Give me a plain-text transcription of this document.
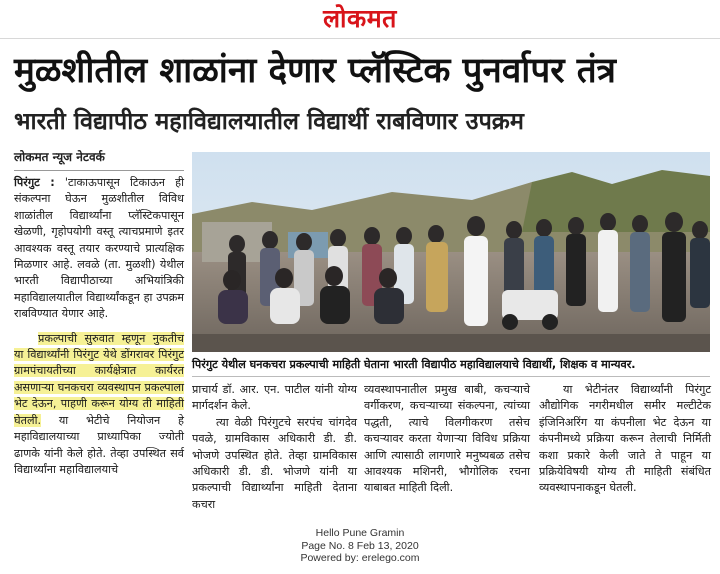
लोकमत
मुळशीतील शाळांना देणार प्लॅस्टिक पुनर्वापर तंत्र
भारती विद्यापीठ महाविद्यालयातील विद्यार्थी राबविणार उपक्रम
लोकमत न्यूज नेटवर्क

पिरंगुट : 'टाकाऊपासून टिकाऊन ही संकल्पना घेऊन मुळशीतील विविध शाळांतील विद्यार्थ्यांना प्लॅस्टिकपासून खेळणी, गृहोपयोगी वस्तू त्याचप्रमाणे इतर आवश्यक वस्तू तयार करण्याचे प्रात्यक्षिक मिळणार आहे. लवळे (ता. मुळशी) येथील भारती विद्यापीठाच्या अभियांत्रिकी महाविद्यालयातील विद्यार्थ्यांकडून हा उपक्रम राबविण्यात येणार आहे.

प्रकल्पाची सुरुवात म्हणून नुकतीच या विद्यार्थ्यांनी पिरंगुट येथे डोंगरावर पिरंगुट ग्रामपंचायतीच्या कार्यक्षेत्रात कार्यरत असणाऱ्या घनकचरा व्यवस्थापन प्रकल्पाला भेट देऊन, पाहणी करून योग्य ती माहिती घेतली. या भेटीचे नियोजन हे महाविद्यालयाच्या प्राध्यापिका ज्योती ढाणके यांनी केले होते. तेव्हा उपस्थित सर्व विद्यार्थ्यांना महाविद्यालयाचे

पिरंगुट येथील घनकचरा प्रकल्पाची माहिती घेताना भारती विद्यापीठ महाविद्यालयाचे विद्यार्थी, शिक्षक व मान्यवर.

प्राचार्य डॉ. आर. एन. पाटील यांनी योग्य मार्गदर्शन केले.

त्या वेळी पिरंगुटचे सरपंच चांगदेव पवळे, ग्रामविकास अधिकारी डी. डी. भोजणे उपस्थित होते. तेव्हा ग्रामविकास अधिकारी डी. डी. भोजणे यांनी या प्रकल्पाची विद्यार्थ्यांना माहिती देताना कचरा

व्यवस्थापनातील प्रमुख बाबी, कचऱ्याचे वर्गीकरण, कचऱ्याच्या संकल्पना, त्यांच्या पद्धती, त्याचे विलगीकरण तसेच कचऱ्यावर करता येणाऱ्या विविध प्रक्रिया आणि त्यासाठी लागणारे मनुष्यबळ तसेच आवश्यक मशिनरी, भौगोलिक रचना याबाबत माहिती दिली.

या भेटीनंतर विद्यार्थ्यांनी पिरंगुट औद्योगिक नगरीमधील समीर मल्टीटेक इंजिनिअरिंग या कंपनीला भेट देऊन या कंपनीमध्ये प्रक्रिया करून तेलाची निर्मिती कशा प्रकारे केली जाते ते पाहून या प्रक्रियेविषयी योग्य ती माहिती संबंधित व्यवस्थापनाकडून घेतली.

Hello Pune Gramin
Page No. 8 Feb 13, 2020
Powered by: erelego.com
